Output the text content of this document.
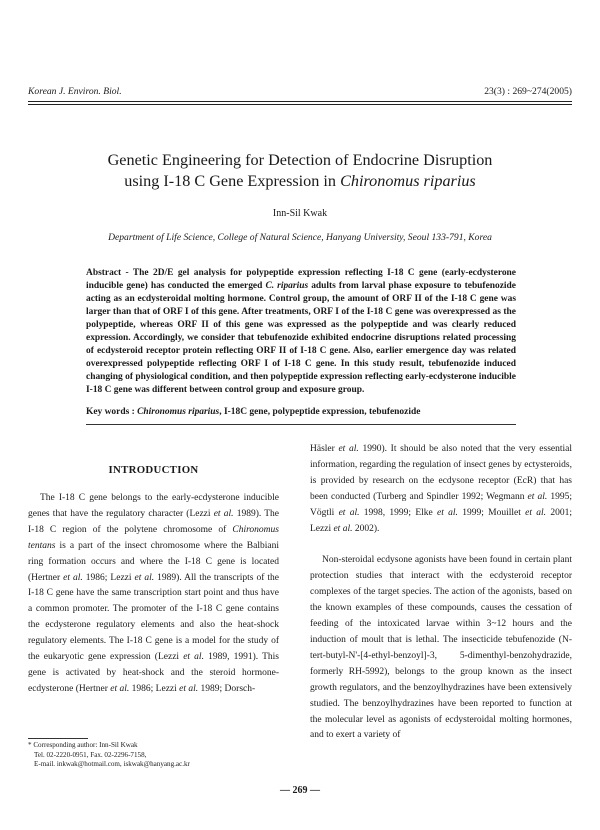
Korean J. Environ. Biol.	23(3) : 269~274(2005)
Genetic Engineering for Detection of Endocrine Disruption
using I-18 C Gene Expression in Chironomus riparius
Inn-Sil Kwak
Department of Life Science, College of Natural Science, Hanyang University, Seoul 133-791, Korea
Abstract - The 2D/E gel analysis for polypeptide expression reflecting I-18 C gene (early-ecdysterone inducible gene) has conducted the emerged C. riparius adults from larval phase exposure to tebufenozide acting as an ecdysteroidal molting hormone. Control group, the amount of ORF II of the I-18 C gene was larger than that of ORF I of this gene. After treatments, ORF I of the I-18 C gene was overexpressed as the polypeptide, whereas ORF II of this gene was expressed as the polypeptide and was clearly reduced expression. Accordingly, we consider that tebufenozide exhibited endocrine disruptions related processing of ecdysteroid receptor protein reflecting ORF II of I-18 C gene. Also, earlier emergence day was related overexpressed polypeptide reflecting ORF I of I-18 C gene. In this study result, tebufenozide induced changing of physiological condition, and then polypeptide expression reflecting early-ecdysterone inducible I-18 C gene was different between control group and exposure group.
Key words : Chironomus riparius, I-18C gene, polypeptide expression, tebufenozide
INTRODUCTION

The I-18 C gene belongs to the early-ecdysterone inducible genes that have the regulatory character (Lezzi et al. 1989). The I-18 C region of the polytene chromosome of Chironomus tentans is a part of the insect chromosome where the Balbiani ring formation occurs and where the I-18 C gene is located (Hertner et al. 1986; Lezzi et al. 1989). All the transcripts of the I-18 C gene have the same transcription start point and thus have a common promoter. The promoter of the I-18 C gene contains the ecdysterone regulatory elements and also the heat-shock regulatory elements. The I-18 C gene is a model for the study of the eukaryotic gene expression (Lezzi et al. 1989, 1991). This gene is activated by heat-shock and the steroid hormone-ecdysterone (Hertner et al. 1986; Lezzi et al. 1989; Dorsch-

Häsler et al. 1990). It should be also noted that the very essential information, regarding the regulation of insect genes by ectysteroids, is provided by research on the ecdysone receptor (EcR) that has been conducted (Turberg and Spindler 1992; Wegmann et al. 1995; Vögtli et al. 1998, 1999; Elke et al. 1999; Mouillet et al. 2001; Lezzi et al. 2002).

Non-steroidal ecdysone agonists have been found in certain plant protection studies that interact with the ecdysteroid receptor complexes of the target species. The action of the agonists, based on the known examples of these compounds, causes the cessation of feeding of the intoxicated larvae within 3~12 hours and the induction of moult that is lethal. The insecticide tebufenozide (N-tert-butyl-N'-[4-ethyl-benzoyl]-3, 5-dimenthyl-benzohydrazide, formerly RH-5992), belongs to the group known as the insect growth regulators, and the benzoylhydrazines have been extensively studied. The benzoylhydrazines have been reported to function at the molecular level as agonists of ecdysteroidal molting hormones, and to exert a variety of

* Corresponding author: Inn-Sil Kwak
Tel. 02-2220-0951, Fax. 02-2296-7158,
E-mail. inkwak@hotmail.com, iskwak@hanyang.ac.kr
— 269 —
